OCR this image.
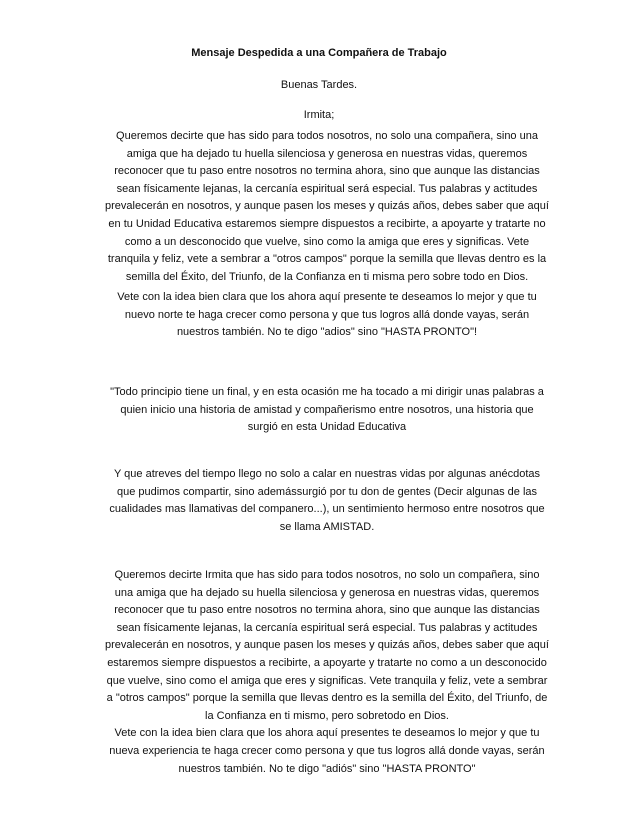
Mensaje Despedida a una Compañera de Trabajo

Buenas Tardes.

Irmita;

Queremos decirte que has sido para todos nosotros, no solo una compañera, sino una
amiga que ha dejado tu huella silenciosa y generosa en nuestras vidas, queremos
reconocer que tu paso entre nosotros no termina ahora, sino que aunque las distancias
sean físicamente lejanas, la cercanía espiritual será especial. Tus palabras y actitudes
prevalecerán en nosotros, y aunque pasen los meses y quizás años, debes saber que aquí
en tu Unidad Educativa estaremos siempre dispuestos a recibirte, a apoyarte y tratarte no
como a un desconocido que vuelve, sino como la amiga que eres y significas. Vete
tranquila y feliz, vete a sembrar a "otros campos" porque la semilla que llevas dentro es la
semilla del Éxito, del Triunfo, de la Confianza en ti misma pero sobre todo en Dios.

Vete con la idea bien clara que los ahora aquí presente te deseamos lo mejor y que tu
nuevo norte te haga crecer como persona y que tus logros allá donde vayas, serán
nuestros también. No te digo "adios" sino "HASTA PRONTO"!

"Todo principio tiene un final, y en esta ocasión me ha tocado a mi dirigir unas palabras a
quien inicio una historia de amistad y compañerismo entre nosotros, una historia que
surgió en esta Unidad Educativa

Y que atreves del tiempo llego no solo a calar en nuestras vidas por algunas anécdotas
que pudimos compartir, sino ademássurgió por tu don de gentes (Decir algunas de las
cualidades mas llamativas del companero...), un sentimiento hermoso entre nosotros que
se llama AMISTAD.

Queremos decirte Irmita que has sido para todos nosotros, no solo un compañera, sino
una amiga que ha dejado su huella silenciosa y generosa en nuestras vidas, queremos
reconocer que tu paso entre nosotros no termina ahora, sino que aunque las distancias
sean físicamente lejanas, la cercanía espiritual será especial. Tus palabras y actitudes
prevalecerán en nosotros, y aunque pasen los meses y quizás años, debes saber que aquí
estaremos siempre dispuestos a recibirte, a apoyarte y tratarte no como a un desconocido
que vuelve, sino como el amiga que eres y significas. Vete tranquila y feliz, vete a sembrar
a "otros campos" porque la semilla que llevas dentro es la semilla del Éxito, del Triunfo, de
la Confianza en ti mismo, pero sobretodo en Dios.
Vete con la idea bien clara que los ahora aquí presentes te deseamos lo mejor y que tu
nueva experiencia te haga crecer como persona y que tus logros allá donde vayas, serán
nuestros también. No te digo "adiós" sino "HASTA PRONTO"
